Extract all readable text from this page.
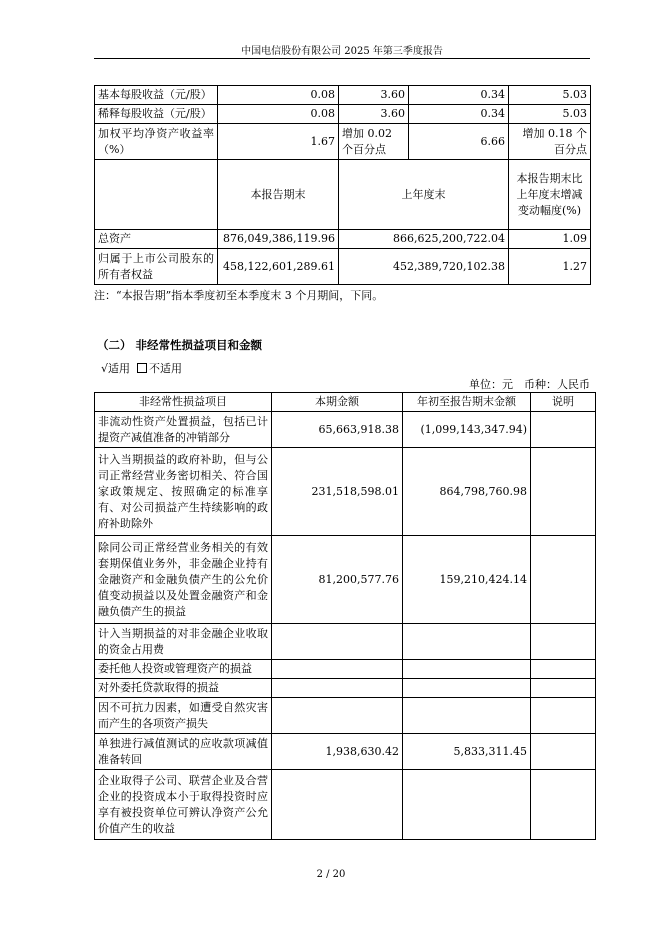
中国电信股份有限公司 2025 年第三季度报告
基本每股收益（元/股）	0.08	3.60	0.34	5.03
稀释每股收益（元/股）	0.08	3.60	0.34	5.03
加权平均净资产收益率（%）	1.67	增加 0.02 个百分点	6.66	增加 0.18 个百分点
	本报告期末	上年度末		本报告期末比上年度末增减变动幅度(%)
总资产	876,049,386,119.96	866,625,200,722.04		1.09
归属于上市公司股东的所有者权益	458,122,601,289.61	452,389,720,102.38		1.27
注：“本报告期”指本季度初至本季度末 3 个月期间，下同。
（二） 非经常性损益项目和金额
√适用 不适用
单位：元　币种：人民币
非经常性损益项目	本期金额	年初至报告期末金额	说明
非流动性资产处置损益，包括已计提资产减值准备的冲销部分	65,663,918.38	(1,099,143,347.94)	
计入当期损益的政府补助，但与公司正常经营业务密切相关、符合国家政策规定、按照确定的标准享有、对公司损益产生持续影响的政府补助除外	231,518,598.01	864,798,760.98	
除同公司正常经营业务相关的有效套期保值业务外，非金融企业持有金融资产和金融负债产生的公允价值变动损益以及处置金融资产和金融负债产生的损益	81,200,577.76	159,210,424.14	
计入当期损益的对非金融企业收取的资金占用费			
委托他人投资或管理资产的损益			
对外委托贷款取得的损益			
因不可抗力因素，如遭受自然灾害而产生的各项资产损失			
单独进行减值测试的应收款项减值准备转回	1,938,630.42	5,833,311.45	
企业取得子公司、联营企业及合营企业的投资成本小于取得投资时应享有被投资单位可辨认净资产公允价值产生的收益			
2 / 20
